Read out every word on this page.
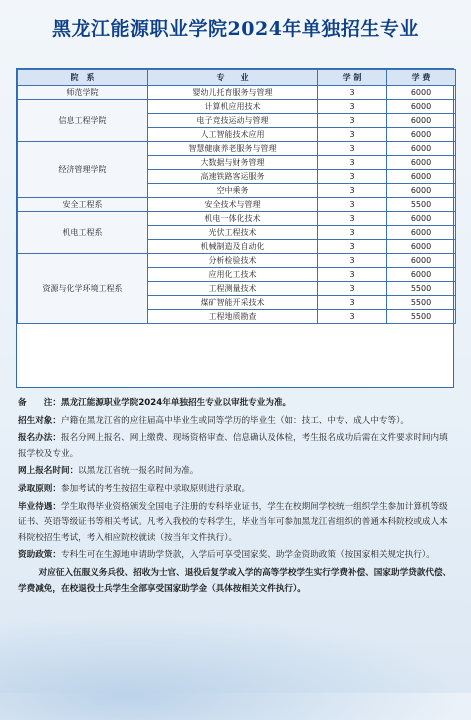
黑龙江能源职业学院2024年单独招生专业
院　系	专　　业	学 制	学 费
师范学院	婴幼儿托育服务与管理	3	6000
信息工程学院	计算机应用技术	3	6000
	电子竞技运动与管理	3	6000
	人工智能技术应用	3	6000
经济管理学院	智慧健康养老服务与管理	3	6000
	大数据与财务管理	3	6000
	高速铁路客运服务	3	6000
	空中乘务	3	6000
安全工程系	安全技术与管理	3	5500
机电工程系	机电一体化技术	3	6000
	光伏工程技术	3	6000
	机械制造及自动化	3	6000
资源与化学环境工程系	分析检验技术	3	6000
	应用化工技术	3	6000
	工程测量技术	3	5500
	煤矿智能开采技术	3	5500
	工程地质勘查	3	5500

备　　注：黑龙江能源职业学院2024年单独招生专业以审批专业为准。

招生对象：户籍在黑龙江省的应往届高中毕业生或同等学历的毕业生（如：技工、中专、成人中专等）。

报名办法：报名分网上报名、网上缴费、现场资格审查、信息确认及体检，考生报名成功后需在文件要求时间内填报学校及专业。

网上报名时间：以黑龙江省统一报名时间为准。

录取原则：参加考试的考生按招生章程中录取原则进行录取。

毕业待遇：学生取得毕业资格颁发全国电子注册的专科毕业证书，学生在校期间学校统一组织学生参加计算机等级证书、英语等级证书等相关考试。凡考入我校的专科学生，毕业当年可参加黑龙江省组织的普通本科院校或成人本科院校招生考试，考入相应院校就读（按当年文件执行）。

资助政策：专科生可在生源地申请助学贷款，入学后可享受国家奖、助学金资助政策（按国家相关规定执行）。

对应征入伍服义务兵役、招收为士官、退役后复学或入学的高等学校学生实行学费补偿、国家助学贷款代偿、学费减免，在校退役士兵学生全部享受国家助学金（具体按相关文件执行）。
